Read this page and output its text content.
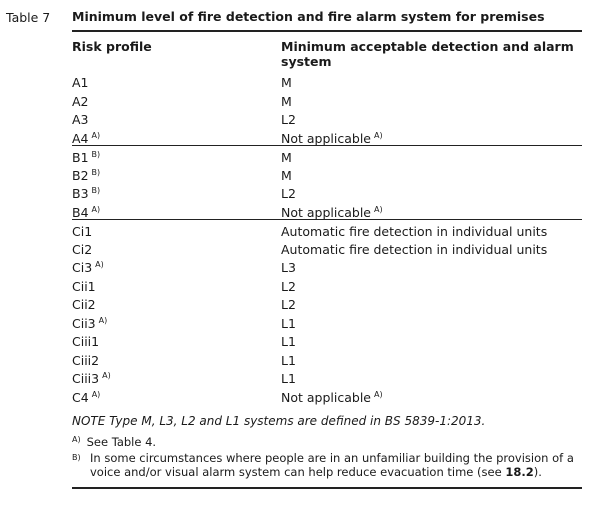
Table 7 Minimum level of fire detection and fire alarm system for premises
Risk profile	Minimum acceptable detection and alarm system
A1	M
A2	M
A3	L2
A4 $^{A)}$	Not applicable $^{A)}$
B1 $^{B)}$	M
B2 $^{B)}$	M
B3 $^{B)}$	L2
B4 $^{A)}$	Not applicable $^{A)}$
Ci1	Automatic fire detection in individual units
Ci2	Automatic fire detection in individual units
Ci3 $^{A)}$	L3
Cii1	L2
Cii2	L2
Cii3 $^{A)}$	L1
Ciii1	L1
Ciii2	L1
Ciii3 $^{A)}$	L1
C4 $^{A)}$	Not applicable $^{A)}$
NOTE Type M, L3, L2 and L1 systems are defined in BS 5839-1:2013.
$^{A)}$ See Table 4.
$^{B)}$ In some circumstances where people are in an unfamiliar building the provision of a voice and/or visual alarm system can help reduce evacuation time (see 18.2).
